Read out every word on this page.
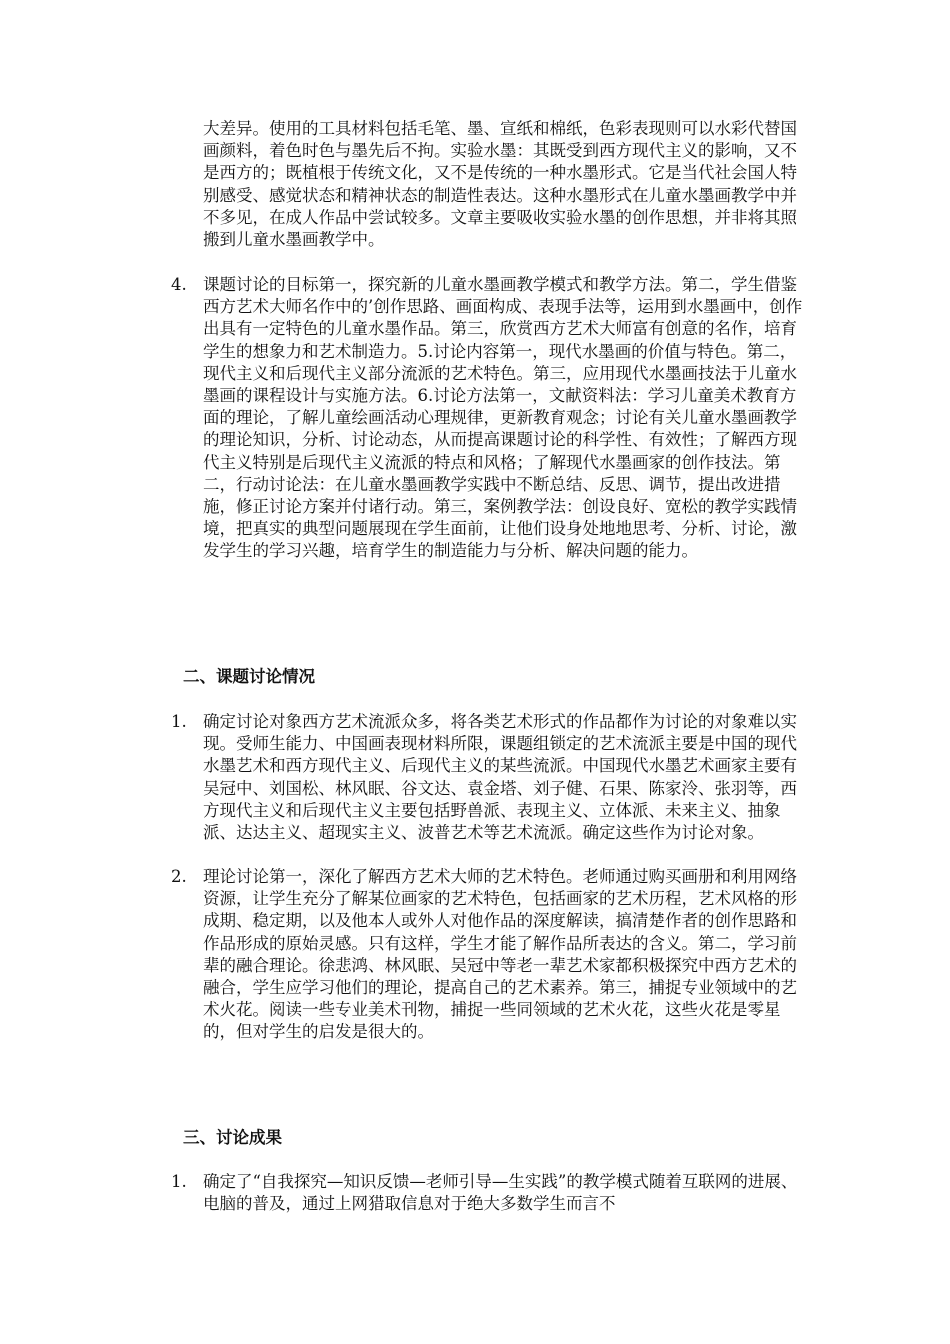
大差异。使用的工具材料包括毛笔、墨、宣纸和棉纸，色彩表现则可以水彩代替国画颜料，着色时色与墨先后不拘。实验水墨：其既受到西方现代主义的影响，又不是西方的；既植根于传统文化，又不是传统的一种水墨形式。它是当代社会国人特别感受、感觉状态和精神状态的制造性表达。这种水墨形式在儿童水墨画教学中并不多见，在成人作品中尝试较多。文章主要吸收实验水墨的创作思想，并非将其照搬到儿童水墨画教学中。

4. 课题讨论的目标第一，探究新的儿童水墨画教学模式和教学方法。第二，学生借鉴西方艺术大师名作中的’创作思路、画面构成、表现手法等，运用到水墨画中，创作出具有一定特色的儿童水墨作品。第三，欣赏西方艺术大师富有创意的名作，培育学生的想象力和艺术制造力。5.讨论内容第一，现代水墨画的价值与特色。第二，现代主义和后现代主义部分流派的艺术特色。第三，应用现代水墨画技法于儿童水墨画的课程设计与实施方法。6.讨论方法第一，文献资料法：学习儿童美术教育方面的理论，了解儿童绘画活动心理规律，更新教育观念；讨论有关儿童水墨画教学的理论知识，分析、讨论动态，从而提高课题讨论的科学性、有效性；了解西方现代主义特别是后现代主义流派的特点和风格；了解现代水墨画家的创作技法。第二，行动讨论法：在儿童水墨画教学实践中不断总结、反思、调节，提出改进措施，修正讨论方案并付诸行动。第三，案例教学法：创设良好、宽松的教学实践情境，把真实的典型问题展现在学生面前，让他们设身处地地思考、分析、讨论，激发学生的学习兴趣，培育学生的制造能力与分析、解决问题的能力。

二、课题讨论情况
1. 确定讨论对象西方艺术流派众多，将各类艺术形式的作品都作为讨论的对象难以实现。受师生能力、中国画表现材料所限，课题组锁定的艺术流派主要是中国的现代水墨艺术和西方现代主义、后现代主义的某些流派。中国现代水墨艺术画家主要有吴冠中、刘国松、林风眠、谷文达、袁金塔、刘子健、石果、陈家泠、张羽等，西方现代主义和后现代主义主要包括野兽派、表现主义、立体派、未来主义、抽象派、达达主义、超现实主义、波普艺术等艺术流派。确定这些作为讨论对象。

2. 理论讨论第一，深化了解西方艺术大师的艺术特色。老师通过购买画册和利用网络资源，让学生充分了解某位画家的艺术特色，包括画家的艺术历程，艺术风格的形成期、稳定期，以及他本人或外人对他作品的深度解读，搞清楚作者的创作思路和作品形成的原始灵感。只有这样，学生才能了解作品所表达的含义。第二，学习前辈的融合理论。徐悲鸿、林风眠、吴冠中等老一辈艺术家都积极探究中西方艺术的融合，学生应学习他们的理论，提高自己的艺术素养。第三，捕捉专业领域中的艺术火花。阅读一些专业美术刊物，捕捉一些同领域的艺术火花，这些火花是零星的，但对学生的启发是很大的。

三、讨论成果
1. 确定了“自我探究—知识反馈—老师引导—生实践”的教学模式随着互联网的进展、电脑的普及，通过上网猎取信息对于绝大多数学生而言不
